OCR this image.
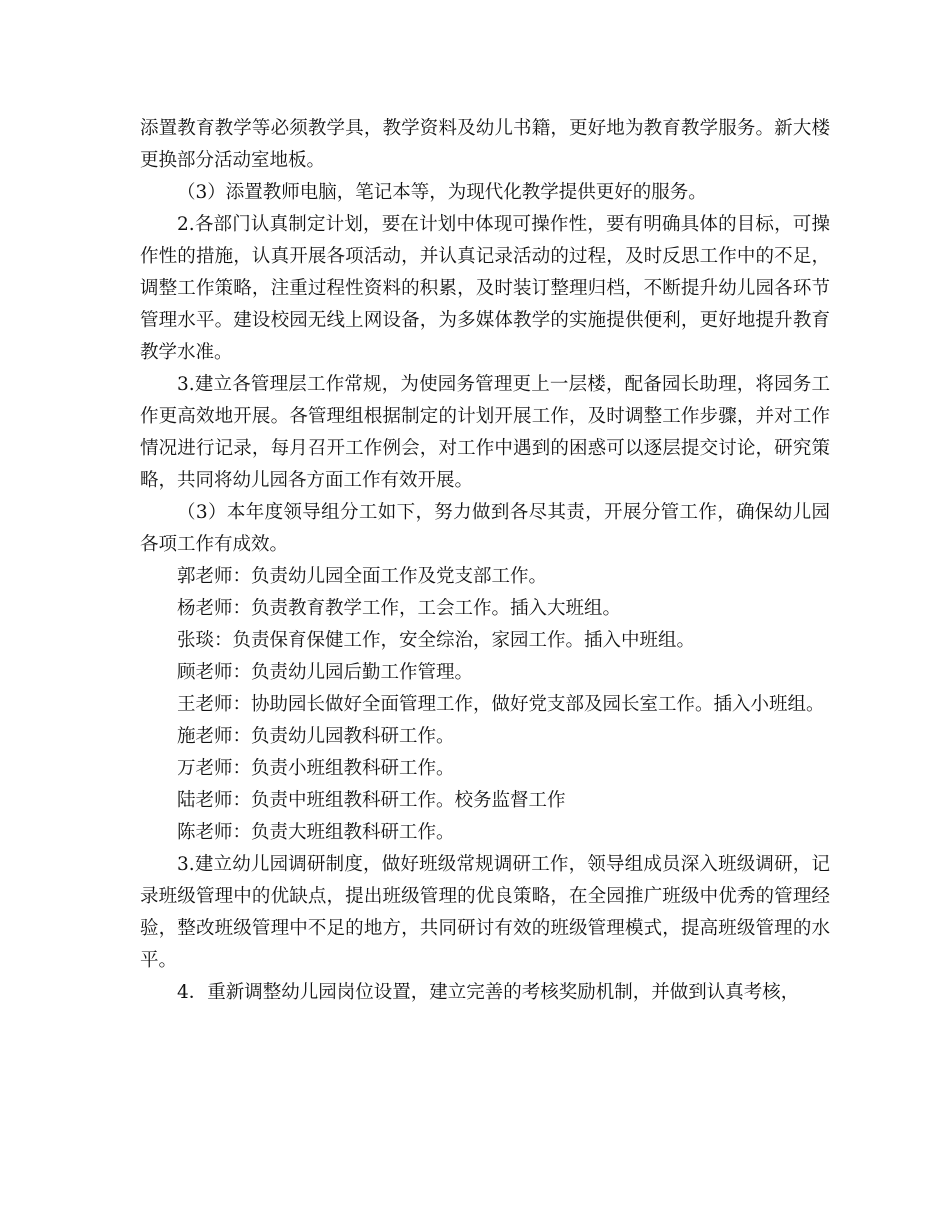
添置教育教学等必须教学具，教学资料及幼儿书籍，更好地为教育教学服务。新大楼更换部分活动室地板。

（3）添置教师电脑，笔记本等，为现代化教学提供更好的服务。

2.各部门认真制定计划，要在计划中体现可操作性，要有明确具体的目标，可操作性的措施，认真开展各项活动，并认真记录活动的过程，及时反思工作中的不足，调整工作策略，注重过程性资料的积累，及时装订整理归档，不断提升幼儿园各环节管理水平。建设校园无线上网设备，为多媒体教学的实施提供便利，更好地提升教育教学水准。

3.建立各管理层工作常规，为使园务管理更上一层楼，配备园长助理，将园务工作更高效地开展。各管理组根据制定的计划开展工作，及时调整工作步骤，并对工作情况进行记录，每月召开工作例会，对工作中遇到的困惑可以逐层提交讨论，研究策略，共同将幼儿园各方面工作有效开展。

（3）本年度领导组分工如下，努力做到各尽其责，开展分管工作，确保幼儿园各项工作有成效。

郭老师：负责幼儿园全面工作及党支部工作。
杨老师：负责教育教学工作，工会工作。插入大班组。
张琰：负责保育保健工作，安全综治，家园工作。插入中班组。
顾老师：负责幼儿园后勤工作管理。
王老师：协助园长做好全面管理工作，做好党支部及园长室工作。插入小班组。
施老师：负责幼儿园教科研工作。
万老师：负责小班组教科研工作。
陆老师：负责中班组教科研工作。校务监督工作
陈老师：负责大班组教科研工作。

3.建立幼儿园调研制度，做好班级常规调研工作，领导组成员深入班级调研，记录班级管理中的优缺点，提出班级管理的优良策略，在全园推广班级中优秀的管理经验，整改班级管理中不足的地方，共同研讨有效的班级管理模式，提高班级管理的水平。

4．重新调整幼儿园岗位设置，建立完善的考核奖励机制，并做到认真考核，
